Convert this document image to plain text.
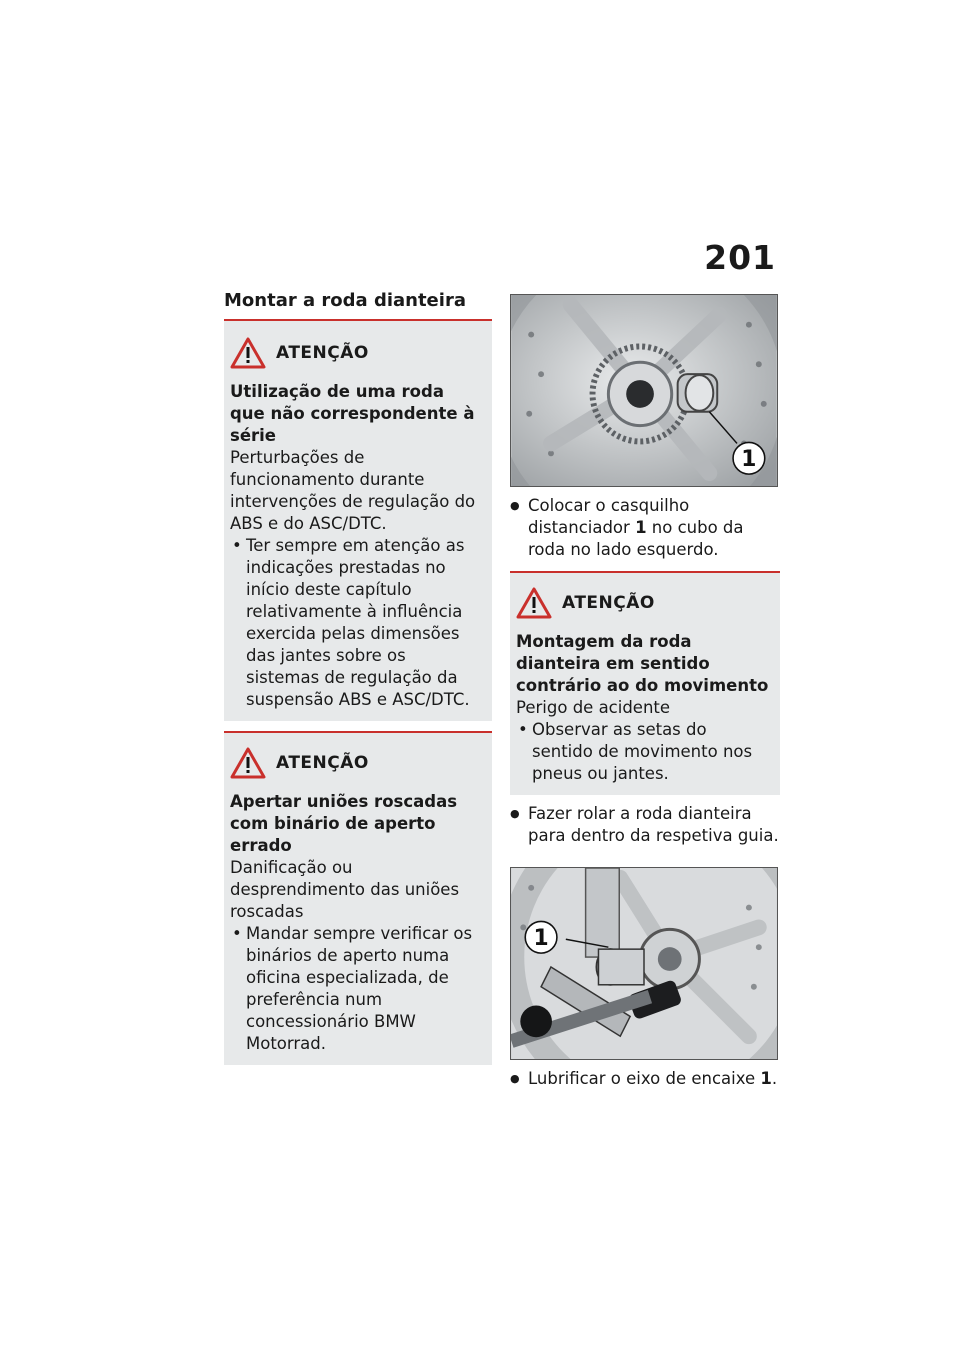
201
Montar a roda dianteira
ATENÇÃO
Utilização de uma roda que não correspondente à série
Perturbações de funcionamento durante intervenções de regulação do ABS e do ASC/DTC.
• Ter sempre em atenção as indicações prestadas no início deste capítulo relativamente à influência exercida pelas dimensões das jantes sobre os sistemas de regulação da suspensão ABS e ASC/DTC.
ATENÇÃO
Apertar uniões roscadas com binário de aperto errado
Danificação ou desprendimento das uniões roscadas
• Mandar sempre verificar os binários de aperto numa oficina especializada, de preferência num concessionário BMW Motorrad.
1
● Colocar o casquilho distanciador 1 no cubo da roda no lado esquerdo.
ATENÇÃO
Montagem da roda dianteira em sentido contrário ao do movimento
Perigo de acidente
• Observar as setas do sentido de movimento nos pneus ou jantes.
● Fazer rolar a roda dianteira para dentro da respetiva guia.
1
● Lubrificar o eixo de encaixe 1.
